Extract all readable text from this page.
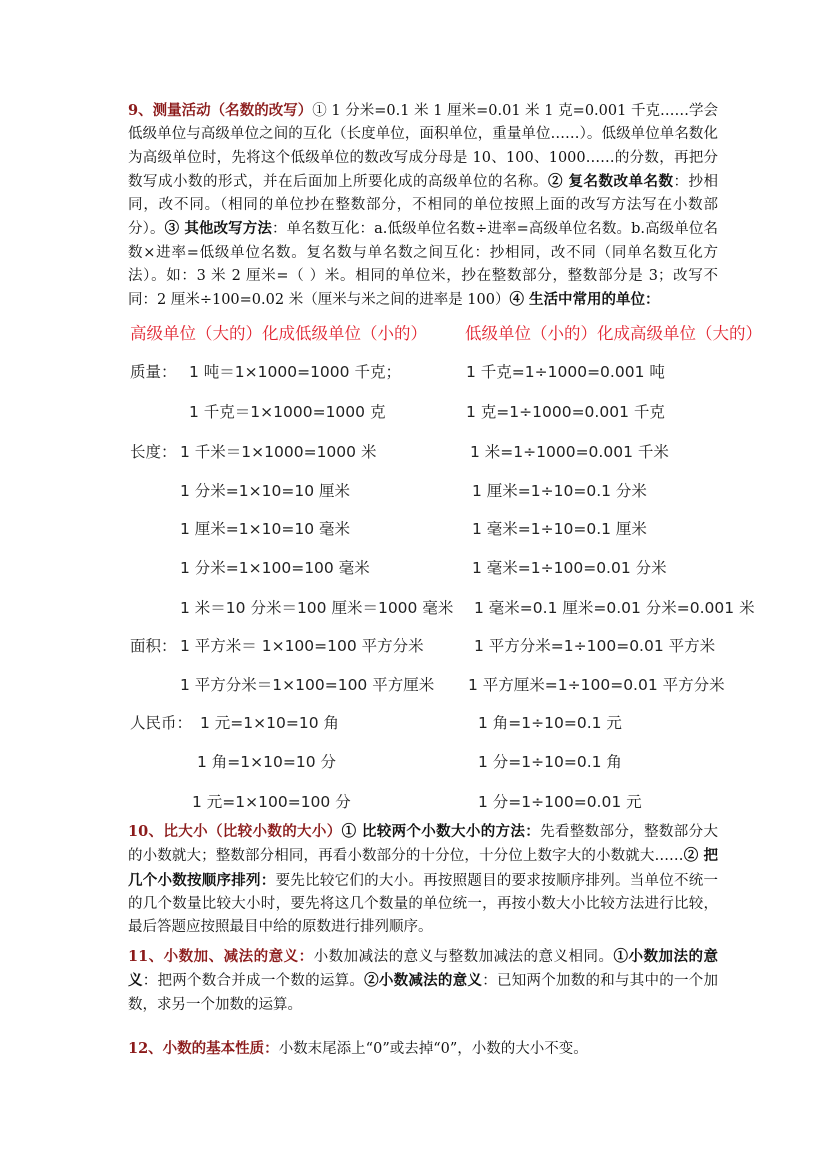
9、测量活动（名数的改写）① 1 分米=0.1 米 1 厘米=0.01 米 1 克=0.001 千克……学会低级单位与高级单位之间的互化（长度单位，面积单位，重量单位……）。低级单位单名数化为高级单位时，先将这个低级单位的数改写成分母是 10、100、1000……的分数，再把分数写成小数的形式，并在后面加上所要化成的高级单位的名称。② 复名数改单名数：抄相同，改不同。（相同的单位抄在整数部分，不相同的单位按照上面的改写方法写在小数部分）。③ 其他改写方法：单名数互化：a.低级单位名数÷进率=高级单位名数。b.高级单位名数×进率=低级单位名数。复名数与单名数之间互化：抄相同，改不同（同单名数互化方法）。如：3 米 2 厘米=（ ）米。相同的单位米，抄在整数部分，整数部分是 3；改写不同：2 厘米÷100=0.02 米（厘米与米之间的进率是 100）④ 生活中常用的单位：

高级单位（大的）化成低级单位（小的） 低级单位（小的）化成高级单位（大的）
质量：
长度：
面积：
人民币：
1 吨＝1×1000=1000 千克；
1 千克＝1×1000=1000 克
1 千米＝1×1000=1000 米
1 分米=1×10=10 厘米
1 厘米=1×10=10 毫米
1 分米=1×100=100 毫米
1 米＝10 分米＝100 厘米＝1000 毫米
1 平方米＝ 1×100=100 平方分米
1 平方分米＝1×100=100 平方厘米
1 元=1×10=10 角
1 角=1×10=10 分
1 元=1×100=100 分
1 千克=1÷1000=0.001 吨
1 克=1÷1000=0.001 千克
1 米=1÷1000=0.001 千米
1 厘米=1÷10=0.1 分米
1 毫米=1÷10=0.1 厘米
1 毫米=1÷100=0.01 分米
1 毫米=0.1 厘米=0.01 分米=0.001 米
1 平方分米=1÷100=0.01 平方米
1 平方厘米=1÷100=0.01 平方分米
1 角=1÷10=0.1 元
1 分=1÷10=0.1 角
1 分=1÷100=0.01 元

10、比大小（比较小数的大小）① 比较两个小数大小的方法：先看整数部分，整数部分大的小数就大；整数部分相同，再看小数部分的十分位，十分位上数字大的小数就大……② 把几个小数按顺序排列：要先比较它们的大小。再按照题目的要求按顺序排列。当单位不统一的几个数量比较大小时，要先将这几个数量的单位统一，再按小数大小比较方法进行比较，最后答题应按照最目中给的原数进行排列顺序。

11、小数加、减法的意义：小数加减法的意义与整数加减法的意义相同。①小数加法的意义：把两个数合并成一个数的运算。②小数减法的意义：已知两个加数的和与其中的一个加数，求另一个加数的运算。

12、小数的基本性质：小数末尾添上“0”或去掉“0”，小数的大小不变。
